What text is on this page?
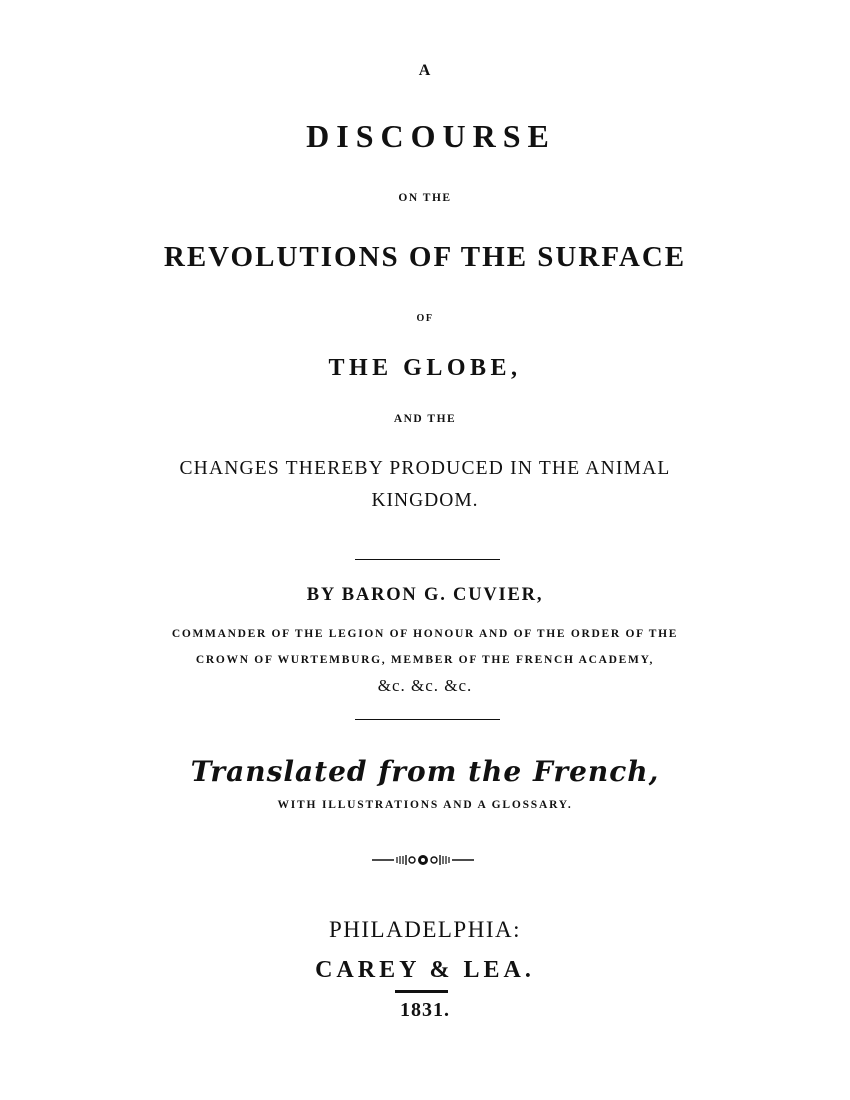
A
DISCOURSE
ON THE
REVOLUTIONS OF THE SURFACE
OF
THE GLOBE,
AND THE
CHANGES THEREBY PRODUCED IN THE ANIMAL
KINGDOM.
BY BARON G. CUVIER,
COMMANDER OF THE LEGION OF HONOUR AND OF THE ORDER OF THE
CROWN OF WURTEMBURG, MEMBER OF THE FRENCH ACADEMY,
&c. &c. &c.
Translated from the French,
WITH ILLUSTRATIONS AND A GLOSSARY.
PHILADELPHIA:
CAREY & LEA.
1831.
